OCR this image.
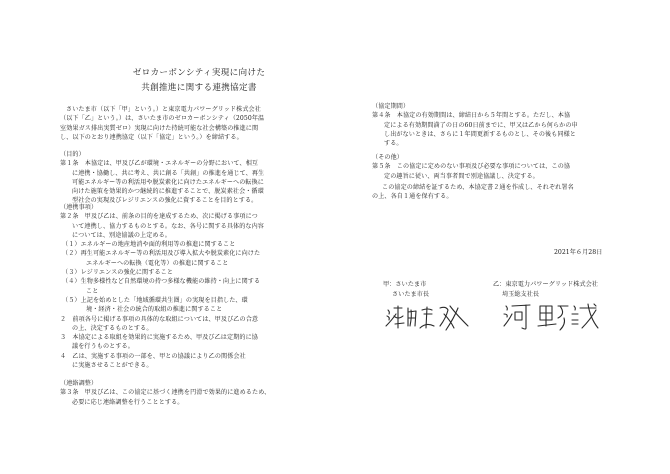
ゼロカーボンシティ実現に向けた
共創推進に関する連携協定書
さいたま市（以下「甲」という。）と東京電力パワーグリッド株式会社
（以下「乙」という。）は、さいたま市のゼロカーボンシティ（2050年温
室効果ガス排出実質ゼロ）実現に向けた持続可能な社会構築の推進に関
し、以下のとおり連携協定（以下「協定」という。）を締結する。
（目的）
第１条　本協定は、甲及び乙が環境・エネルギーの分野において、相互
に連携・協働し、共に考え、共に創る「共創」の推進を通じて、再生
可能エネルギー等の利活用や脱炭素化に向けたエネルギーへの転換に
向けた施策を効果的かつ継続的に推進することで、脱炭素社会・循環
型社会の実現及びレジリエンスの強化に資することを目的とする。
（連携事項）
第２条　甲及び乙は、前条の目的を達成するため、次に掲げる事項につ
いて連携し、協力するものとする。なお、各号に関する具体的な内容
については、別途協議の上定める。
（１）エネルギーの地産地消や面的利用等の推進に関すること
（２）再生可能エネルギー等の利活用及び導入拡大や脱炭素化に向けた
エネルギーへの転換（電化等）の推進に関すること
（３）レジリエンスの強化に関すること
（４）生物多様性など自然環境の持つ多様な機能の維持・向上に関する
こと
（５）上記を始めとした「地域循環共生圏」の実現を目指した、環
境・経済・社会の統合的取組の推進に関すること
２　前項各号に掲げる事項の具体的な取組については、甲及び乙の合意
の上、決定するものとする。
３　本協定による取組を効果的に実施するため、甲及び乙は定期的に協
議を行うものとする。
４　乙は、実施する事項の一部を、甲との協議により乙の関係会社
に実施させることができる。
（連絡調整）
第３条　甲及び乙は、この協定に基づく連携を円滑で効果的に進めるため、
必要に応じ連絡調整を行うこととする。
（協定期間）
第４条　本協定の有効期間は、締結日から５年間とする。ただし、本協
定による有効期間満了の日の60日前までに、甲又は乙から何らかの申
し出がないときは、さらに１年間更新するものとし、その後も同様と
する。
（その他）
第５条　この協定に定めのない事項及び必要な事項については、この協
定の趣旨に従い、両当事者間で別途協議し、決定する。
この協定の締結を証するため、本協定書２通を作成し、それぞれ署名
の上、各自１通を保有する。
2021年６月28日
甲：さいたま市
さいたま市長
乙：東京電力パワーグリッド株式会社
埼玉総支社長
